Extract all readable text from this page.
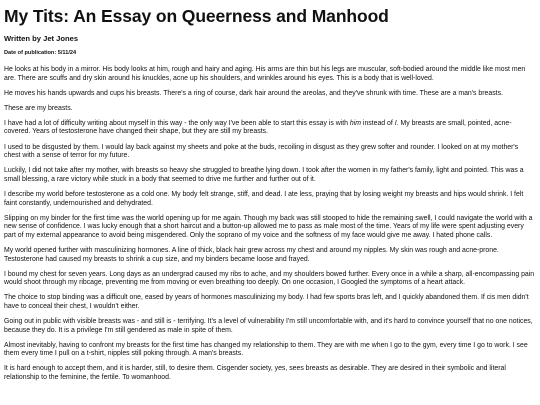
My Tits: An Essay on Queerness and Manhood
Written by Jet Jones
Date of publication: 5/11/24

He looks at his body in a mirror. His body looks at him, rough and hairy and aging. His arms are thin but his legs are muscular, soft-bodied around the middle like most men are. There are scuffs and dry skin around his knuckles, acne up his shoulders, and wrinkles around his eyes. This is a body that is well-loved.

He moves his hands upwards and cups his breasts. There's a ring of course, dark hair around the areolas, and they've shrunk with time. These are a man's breasts.

These are my breasts.

I have had a lot of difficulty writing about myself in this way - the only way I've been able to start this essay is with him instead of I. My breasts are small, pointed, acne-covered. Years of testosterone have changed their shape, but they are still my breasts.

I used to be disgusted by them. I would lay back against my sheets and poke at the buds, recoiling in disgust as they grew softer and rounder. I looked on at my mother's chest with a sense of terror for my future.

Luckily, I did not take after my mother, with breasts so heavy she struggled to breathe lying down. I took after the women in my father's family, light and pointed. This was a small blessing, a rare victory while stuck in a body that seemed to drive me further and further out of it.

I describe my world before testosterone as a cold one. My body felt strange, stiff, and dead. I ate less, praying that by losing weight my breasts and hips would shrink. I felt faint constantly, undernourished and dehydrated.

Slipping on my binder for the first time was the world opening up for me again. Though my back was still stooped to hide the remaining swell, I could navigate the world with a new sense of confidence. I was lucky enough that a short haircut and a button-up allowed me to pass as male most of the time. Years of my life were spent adjusting every part of my external appearance to avoid being misgendered. Only the soprano of my voice and the softness of my face would give me away. I hated phone calls.

My world opened further with masculinizing hormones. A line of thick, black hair grew across my chest and around my nipples. My skin was rough and acne-prone. Testosterone had caused my breasts to shrink a cup size, and my binders became loose and frayed.

I bound my chest for seven years. Long days as an undergrad caused my ribs to ache, and my shoulders bowed further. Every once in a while a sharp, all-encompassing pain would shoot through my ribcage, preventing me from moving or even breathing too deeply. On one occasion, I Googled the symptoms of a heart attack.

The choice to stop binding was a difficult one, eased by years of hormones masculinizing my body. I had few sports bras left, and I quickly abandoned them. If cis men didn't have to conceal their chest, I wouldn't either.

Going out in public with visible breasts was - and still is - terrifying. It's a level of vulnerability I'm still uncomfortable with, and it's hard to convince yourself that no one notices, because they do. It is a privilege I'm still gendered as male in spite of them.

Almost inevitably, having to confront my breasts for the first time has changed my relationship to them. They are with me when I go to the gym, every time I go to work. I see them every time I pull on a t-shirt, nipples still poking through. A man's breasts.

It is hard enough to accept them, and it is harder, still, to desire them. Cisgender society, yes, sees breasts as desirable. They are desired in their symbolic and literal relationship to the feminine, the fertile. To womanhood.
